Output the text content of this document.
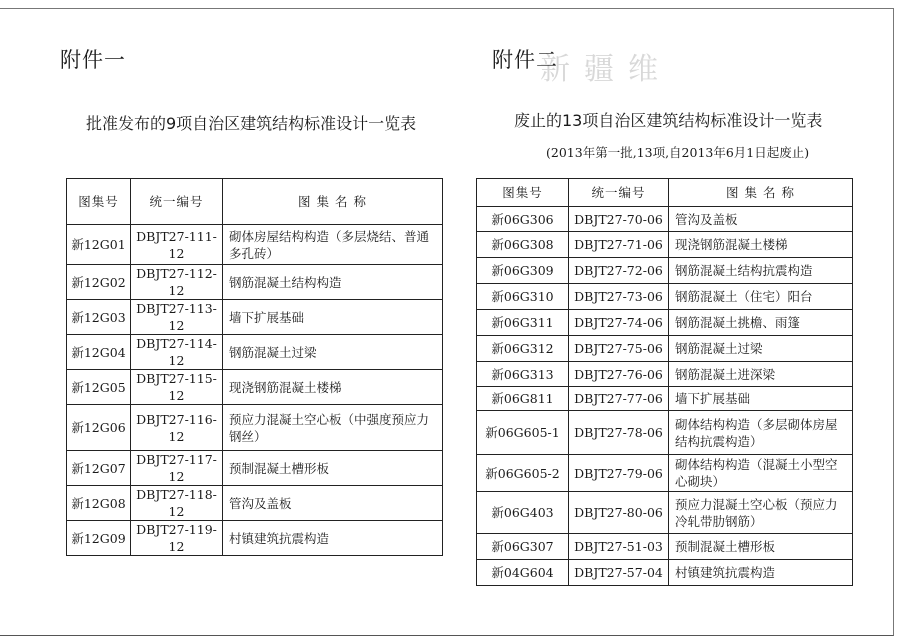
新疆维
附件一
批准发布的9项自治区建筑结构标准设计一览表
图集号	统一编号	图 集 名 称
新12G01	DBJT27-111-12	砌体房屋结构构造（多层烧结、普通多孔砖）
新12G02	DBJT27-112-12	钢筋混凝土结构构造
新12G03	DBJT27-113-12	墙下扩展基础
新12G04	DBJT27-114-12	钢筋混凝土过梁
新12G05	DBJT27-115-12	现浇钢筋混凝土楼梯
新12G06	DBJT27-116-12	预应力混凝土空心板（中强度预应力钢丝）
新12G07	DBJT27-117-12	预制混凝土槽形板
新12G08	DBJT27-118-12	管沟及盖板
新12G09	DBJT27-119-12	村镇建筑抗震构造
附件二
废止的13项自治区建筑结构标准设计一览表
(2013年第一批,13项,自2013年6月1日起废止)
图集号	统一编号	图 集 名 称
新06G306	DBJT27-70-06	管沟及盖板
新06G308	DBJT27-71-06	现浇钢筋混凝土楼梯
新06G309	DBJT27-72-06	钢筋混凝土结构抗震构造
新06G310	DBJT27-73-06	钢筋混凝土（住宅）阳台
新06G311	DBJT27-74-06	钢筋混凝土挑檐、雨篷
新06G312	DBJT27-75-06	钢筋混凝土过梁
新06G313	DBJT27-76-06	钢筋混凝土进深梁
新06G811	DBJT27-77-06	墙下扩展基础
新06G605-1	DBJT27-78-06	砌体结构构造（多层砌体房屋结构抗震构造）
新06G605-2	DBJT27-79-06	砌体结构构造（混凝土小型空心砌块）
新06G403	DBJT27-80-06	预应力混凝土空心板（预应力冷轧带肋钢筋）
新06G307	DBJT27-51-03	预制混凝土槽形板
新04G604	DBJT27-57-04	村镇建筑抗震构造
